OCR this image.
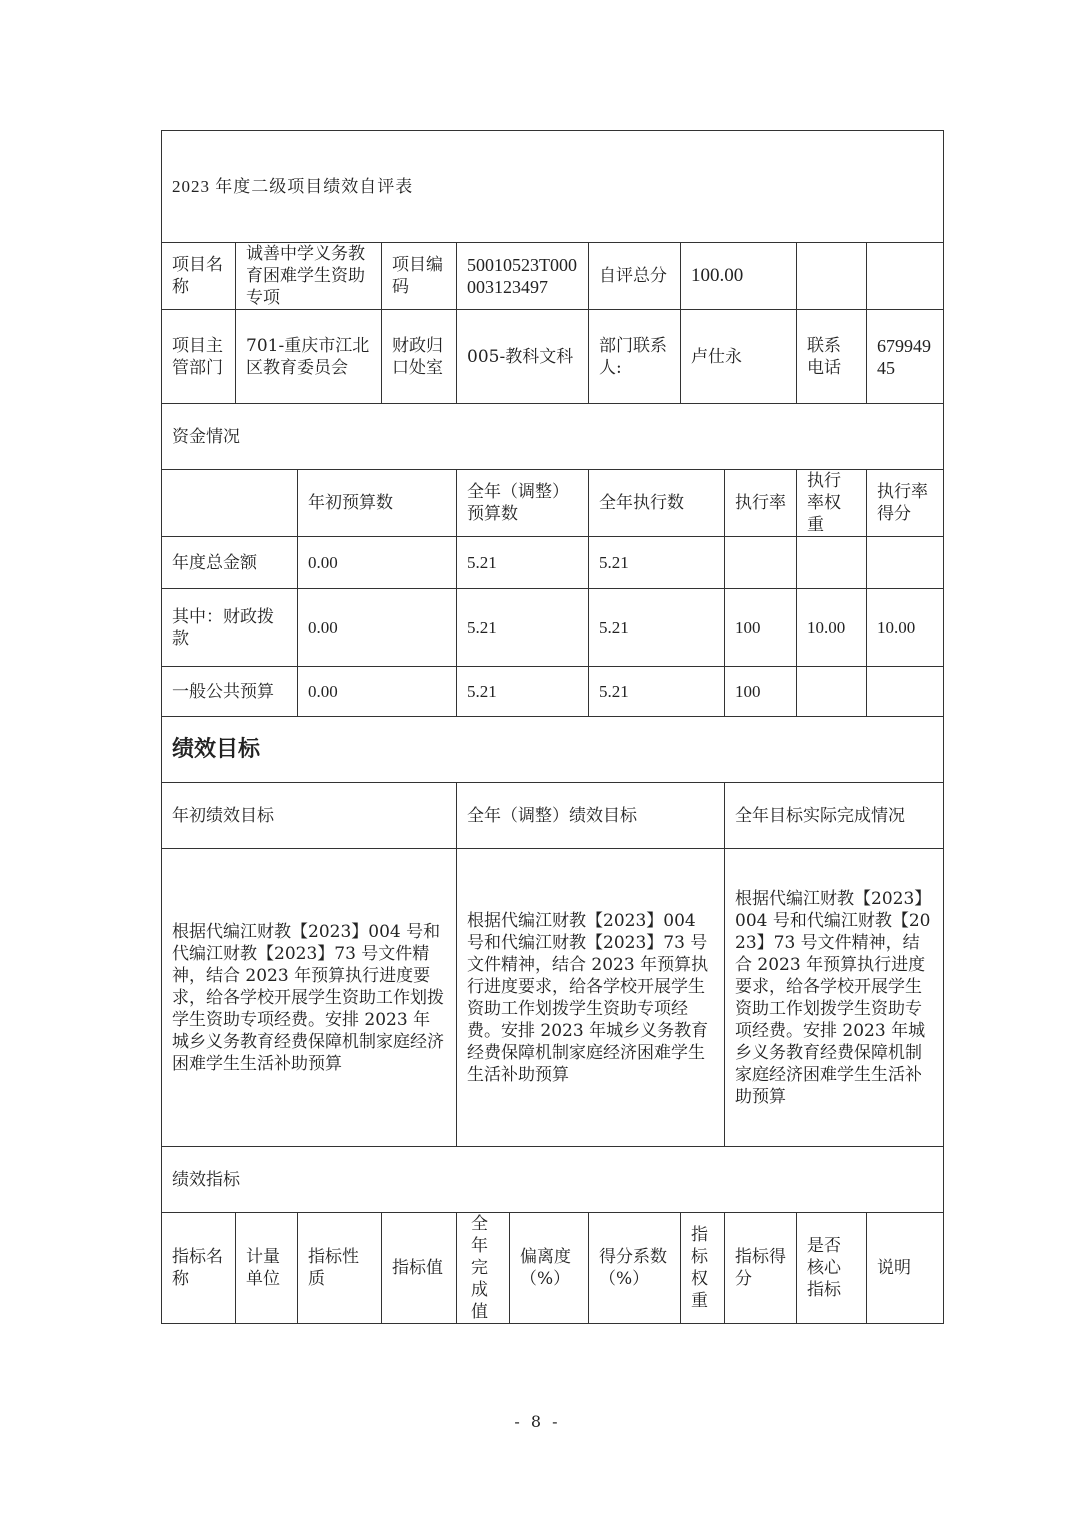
2023 年度二级项目绩效自评表										
项目名称	诚善中学义务教育困难学生资助专项		项目编码	50010523T000003123497		自评总分	100.00			
项目主管部门	701-重庆市江北区教育委员会		财政归口处室	005-教科文科		部门联系人:	卢仕永		联系电话	67994945
资金情况										
		年初预算数		全年（调整）预算数		全年执行数		执行率	执行率权重	执行率得分
年度总金额		0.00		5.21		5.21				
其中：财政拨款		0.00		5.21		5.21		100	10.00	10.00
一般公共预算		0.00		5.21		5.21		100		
绩效目标										
年初绩效目标				全年（调整）绩效目标				全年目标实际完成情况		
根据代编江财教【2023】004 号和代编江财教【2023】73 号文件精神，结合 2023 年预算执行进度要求，给各学校开展学生资助工作划拨学生资助专项经费。安排 2023 年城乡义务教育经费保障机制家庭经济困难学生生活补助预算				根据代编江财教【2023】004 号和代编江财教【2023】73 号文件精神，结合 2023 年预算执行进度要求，给各学校开展学生资助工作划拨学生资助专项经费。安排 2023 年城乡义务教育经费保障机制家庭经济困难学生生活补助预算				根据代编江财教【2023】004 号和代编江财教【2023】73 号文件精神，结合 2023 年预算执行进度要求，给各学校开展学生资助工作划拨学生资助专项经费。安排 2023 年城乡义务教育经费保障机制家庭经济困难学生生活补助预算		
绩效指标										
指标名称	计量单位	指标性质	指标值	全年完成值	偏离度（%）	得分系数（%）	指标权重	指标得分	是否核心指标	说明
- 8 -
